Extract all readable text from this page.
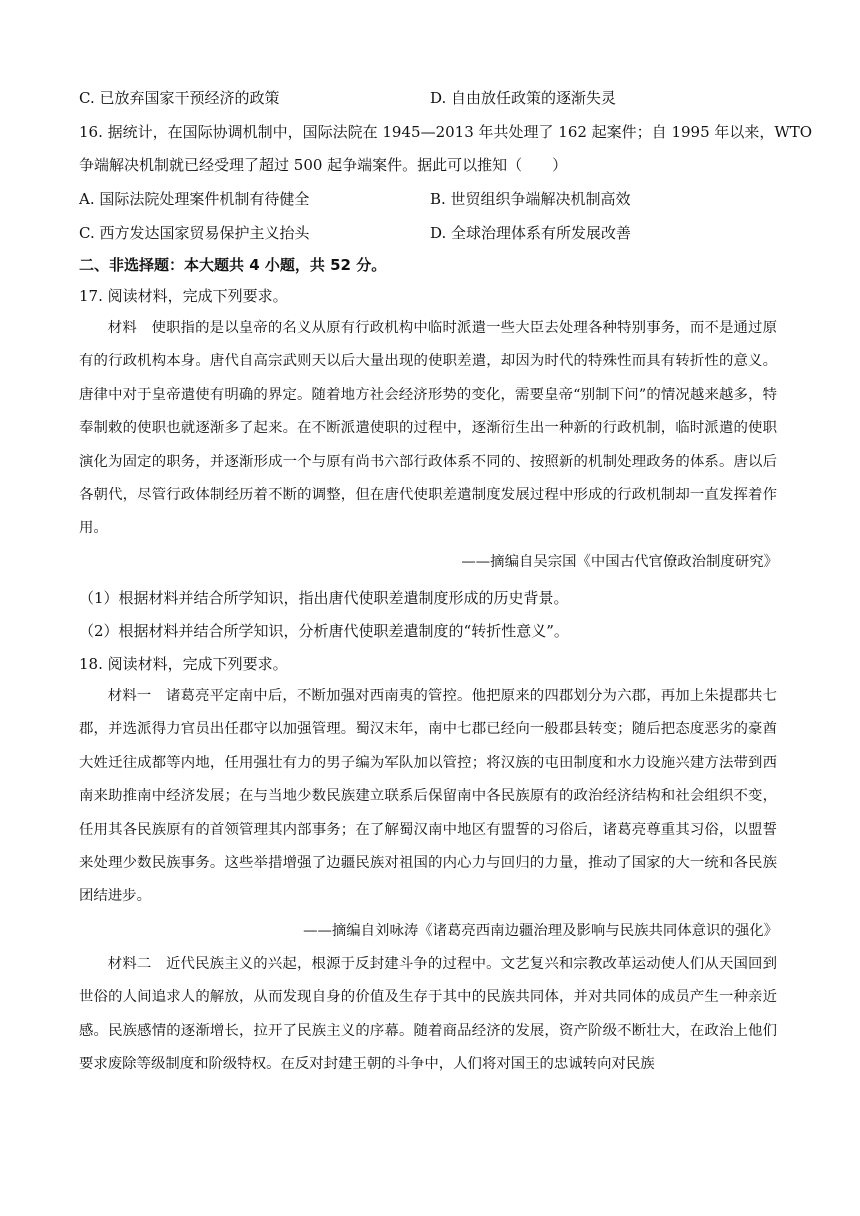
C. 已放弃国家干预经济的政策	D. 自由放任政策的逐渐失灵
16. 据统计，在国际协调机制中，国际法院在 1945—2013 年共处理了 162 起案件；自 1995 年以来，WTO
争端解决机制就已经受理了超过 500 起争端案件。据此可以推知（　　）
A. 国际法院处理案件机制有待健全	B. 世贸组织争端解决机制高效
C. 西方发达国家贸易保护主义抬头	D. 全球治理体系有所发展改善
二、非选择题：本大题共 4 小题，共 52 分。
17. 阅读材料，完成下列要求。
材料　使职指的是以皇帝的名义从原有行政机构中临时派遣一些大臣去处理各种特别事务，而不是通过原有的行政机构本身。唐代自高宗武则天以后大量出现的使职差遣，却因为时代的特殊性而具有转折性的意义。唐律中对于皇帝遣使有明确的界定。随着地方社会经济形势的变化，需要皇帝“别制下问”的情况越来越多，特奉制敕的使职也就逐渐多了起来。在不断派遣使职的过程中，逐渐衍生出一种新的行政机制，临时派遣的使职演化为固定的职务，并逐渐形成一个与原有尚书六部行政体系不同的、按照新的机制处理政务的体系。唐以后各朝代，尽管行政体制经历着不断的调整，但在唐代使职差遣制度发展过程中形成的行政机制却一直发挥着作用。
——摘编自吴宗国《中国古代官僚政治制度研究》
（1）根据材料并结合所学知识，指出唐代使职差遣制度形成的历史背景。
（2）根据材料并结合所学知识，分析唐代使职差遣制度的“转折性意义”。
18. 阅读材料，完成下列要求。
材料一　诸葛亮平定南中后，不断加强对西南夷的管控。他把原来的四郡划分为六郡，再加上朱提郡共七郡，并选派得力官员出任郡守以加强管理。蜀汉末年，南中七郡已经向一般郡县转变；随后把态度恶劣的豪酋大姓迁往成都等内地，任用强壮有力的男子编为军队加以管控；将汉族的屯田制度和水力设施兴建方法带到西南来助推南中经济发展；在与当地少数民族建立联系后保留南中各民族原有的政治经济结构和社会组织不变，任用其各民族原有的首领管理其内部事务；在了解蜀汉南中地区有盟誓的习俗后，诸葛亮尊重其习俗，以盟誓来处理少数民族事务。这些举措增强了边疆民族对祖国的内心力与回归的力量，推动了国家的大一统和各民族团结进步。
——摘编自刘咏涛《诸葛亮西南边疆治理及影响与民族共同体意识的强化》
材料二　近代民族主义的兴起，根源于反封建斗争的过程中。文艺复兴和宗教改革运动使人们从天国回到世俗的人间追求人的解放，从而发现自身的价值及生存于其中的民族共同体，并对共同体的成员产生一种亲近感。民族感情的逐渐增长，拉开了民族主义的序幕。随着商品经济的发展，资产阶级不断壮大，在政治上他们要求废除等级制度和阶级特权。在反对封建王朝的斗争中，人们将对国王的忠诚转向对民族
